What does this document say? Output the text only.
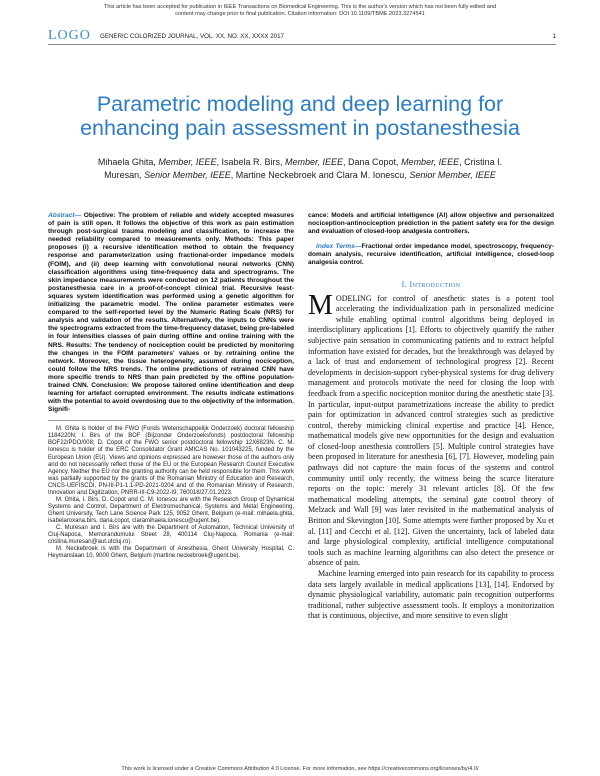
This article has been accepted for publication in IEEE Transactions on Biomedical Engineering. This is the author's version which has not been fully edited and
content may change prior to final publication. Citation information: DOI 10.1109/TBME.2023.3274541
LOGO GENERIC COLORIZED JOURNAL, VOL. XX, NO. XX, XXXX 2017	1
Parametric modeling and deep learning for
enhancing pain assessment in postanesthesia
Mihaela Ghita, Member, IEEE, Isabela R. Birs, Member, IEEE, Dana Copot, Member, IEEE, Cristina I.
Muresan, Senior Member, IEEE, Martine Neckebroek and Clara M. Ionescu, Senior Member, IEEE

Abstract— Objective: The problem of reliable and widely accepted measures of pain is still open. It follows the objective of this work as pain estimation through post-surgical trauma modeling and classification, to increase the needed reliability compared to measurements only. Methods: This paper proposes (i) a recursive identification method to obtain the frequency response and parameterization using fractional-order impedance models (FOIM), and (ii) deep learning with convolutional neural networks (CNN) classification algorithms using time-frequency data and spectrograms. The skin impedance measurements were conducted on 12 patients throughout the postanesthesia care in a proof-of-concept clinical trial. Recursive least-squares system identification was performed using a genetic algorithm for initializing the parametric model. The online parameter estimates were compared to the self-reported level by the Numeric Rating Scale (NRS) for analysis and validation of the results. Alternatively, the inputs to CNNs were the spectrograms extracted from the time-frequency dataset, being pre-labeled in four intensities classes of pain during offline and online training with the NRS. Results: The tendency of nociception could be predicted by monitoring the changes in the FOIM parameters' values or by retraining online the network. Moreover, the tissue heterogeneity, assumed during nociception, could follow the NRS trends. The online predictions of retrained CNN have more specific trends to NRS than pain predicted by the offline population-trained CNN. Conclusion: We propose tailored online identification and deep learning for artefact corrupted environment. The results indicate estimations with the potential to avoid overdosing due to the objectivity of the information. Signifi-

M. Ghita is holder of the FWO (Fonds Wetenschappelijk Onderzoek) doctoral fellowship 1184220N; I. Birs of the BOF (Bijzonder Onderzoeksfonds) postdoctoral fellowship BOF22/PDO/008; D. Copot of the FWO senior postdoctoral fellowship 12X6823N. C. M. Ionescu is holder of the ERC Consolidator Grant AMICAS No. 101043225, funded by the European Union (EU). Views and opinions expressed are however those of the authors only and do not necessarily reflect those of the EU or the European Research Council Executive Agency. Neither the EU nor the granting authority can be held responsible for them. This work was partially supported by the grants of the Romanian Ministry of Education and Research, CNCS-UEFISCDI, PN-III-P1-1.1-PD-2021-0204 and of the Romanian Ministry of Research, Innovation and Digitization, PNRR-III-C9-2022-I9, 760018/27.01.2023.

M. Ghita, I. Birs, D. Copot and C. M. Ionescu are with the Research Group of Dynamical Systems and Control, Department of Electromechanical, Systems and Metal Engineering, Ghent University, Tech Lane Science Park 125, 9052 Ghent, Belgium (e-mail: mihaela.ghita, isabelaroxana.birs, dana.copot, claramihaela.ionescu@ugent.be).

C. Muresan and I. Birs are with the Department of Automation, Technical University of Cluj-Napoca, Memorandumului Street 28, 400114 Cluj-Napoca, Romania (e-mail: cristina.muresan@aut.utcluj.ro).

M. Neckebroek is with the Department of Anesthesia, Ghent University Hospital, C. Heymanslaan 10, 9000 Ghent, Belgium (martine.neckebroek@ugent.be).

cance: Models and artificial intelligence (AI) allow objective and personalized nociception-antinociception prediction in the patient safety era for the design and evaluation of closed-loop analgesia controllers.

Index Terms—Fractional order impedance model, spectroscopy, frequency-domain analysis, recursive identification, artificial intelligence, closed-loop analgesia control.

I. Introduction

MODELING for control of anesthetic states is a potent tool accelerating the individualization path in personalized medicine while enabling optimal control algorithms being deployed in interdisciplinary applications [1]. Efforts to objectively quantify the rather subjective pain sensation in communicating patients and to extract helpful information have existed for decades, but the breakthrough was delayed by a lack of trust and endorsement of technological progress [2]. Recent developments in decision-support cyber-physical systems for drug delivery management and protocols motivate the need for closing the loop with feedback from a specific nociception monitor during the anesthetic state [3]. In particular, input-output parametrizations increase the ability to predict pain for optimization in advanced control strategies such as predictive control, thereby mimicking clinical expertise and practice [4]. Hence, mathematical models give new opportunities for the design and evaluation of closed-loop anesthesia controllers [5]. Multiple control strategies have been proposed in literature for anesthesia [6], [7]. However, modeling pain pathways did not capture the main focus of the systems and control community until only recently, the witness being the scarce literature reports on the topic: merely 31 relevant articles [8]. Of the few mathematical modeling attempts, the seminal gate control theory of Melzack and Wall [9] was later revisited in the mathematical analysis of Britton and Skevington [10]. Some attempts were further proposed by Xu et al. [11] and Cecchi et al. [12]. Given the uncertainty, lack of labeled data and large physiological complexity, artificial intelligence computational tools such as machine learning algorithms can also detect the presence or absence of pain.

Machine learning emerged into pain research for its capability to process data sets largely available in medical applications [13], [14]. Endorsed by dynamic physiological variability, automatic pain recognition outperforms traditional, rather subjective assessment tools. It employs a monitorization that is continuous, objective, and more sensitive to even slight

This work is licensed under a Creative Commons Attribution 4.0 License. For more information, see https://creativecommons.org/licenses/by/4.0/
